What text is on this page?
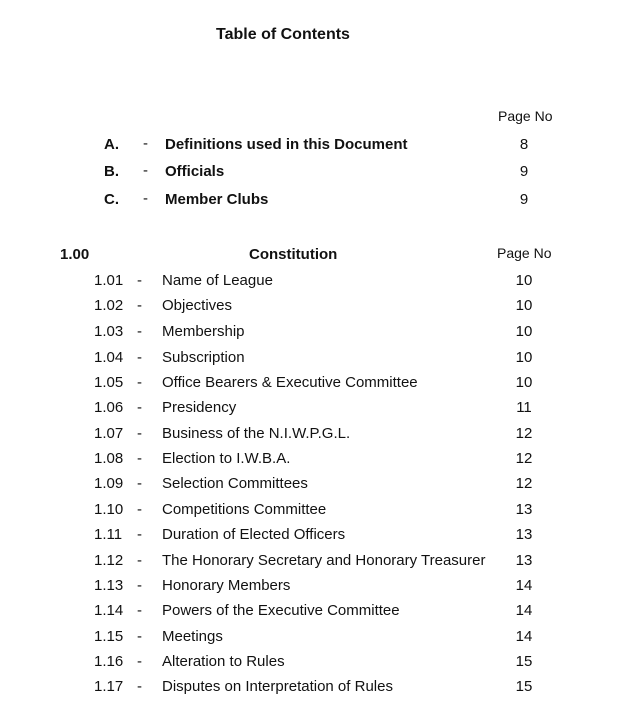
Table of Contents
Page No
A. - Definitions used in this Document	8
B. - Officials	9
C. - Member Clubs	9
1.00	Constitution	Page No
1.01 - Name of League	10
1.02 - Objectives	10
1.03 - Membership	10
1.04 - Subscription	10
1.05 - Office Bearers & Executive Committee	10
1.06 - Presidency	11
1.07 - Business of the N.I.W.P.G.L.	12
1.08 - Election to I.W.B.A.	12
1.09 - Selection Committees	12
1.10 - Competitions Committee	13
1.11 - Duration of Elected Officers	13
1.12 - The Honorary Secretary and Honorary Treasurer	13
1.13 - Honorary Members	14
1.14 - Powers of the Executive Committee	14
1.15 - Meetings	14
1.16 - Alteration to Rules	15
1.17 - Disputes on Interpretation of Rules	15
